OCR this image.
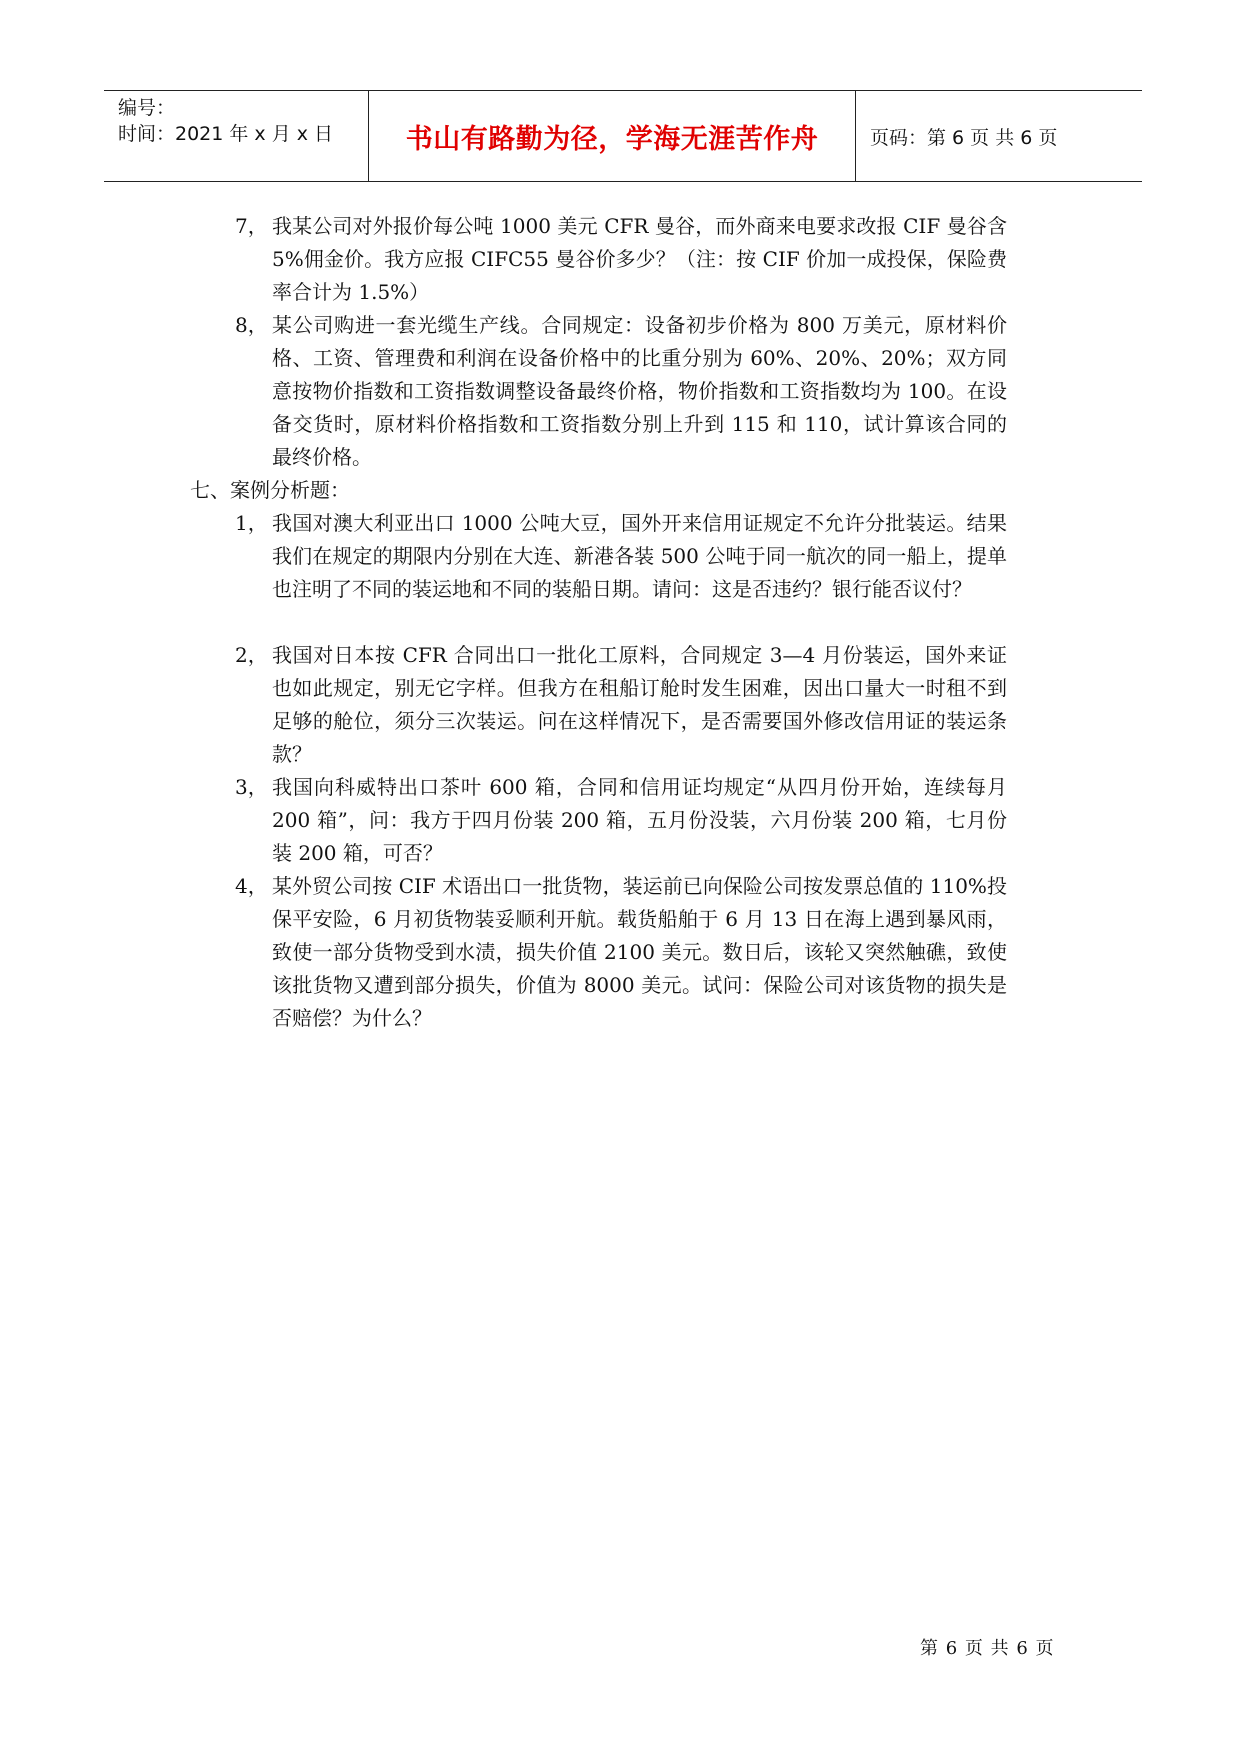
编号：
时间：2021 年 x 月 x 日	书山有路勤为径，学海无涯苦作舟	页码：第 6 页 共 6 页
7， 我某公司对外报价每公吨 1000 美元 CFR 曼谷，而外商来电要求改报 CIF 曼谷含 5%佣金价。我方应报 CIFC55 曼谷价多少？（注：按 CIF 价加一成投保，保险费率合计为 1.5%）
8， 某公司购进一套光缆生产线。合同规定：设备初步价格为 800 万美元，原材料价格、工资、管理费和利润在设备价格中的比重分别为 60%、20%、20%；双方同意按物价指数和工资指数调整设备最终价格，物价指数和工资指数均为 100。在设备交货时，原材料价格指数和工资指数分别上升到 115 和 110，试计算该合同的最终价格。
七、案例分析题：
1， 我国对澳大利亚出口 1000 公吨大豆，国外开来信用证规定不允许分批装运。结果我们在规定的期限内分别在大连、新港各装 500 公吨于同一航次的同一船上，提单也注明了不同的装运地和不同的装船日期。请问：这是否违约？银行能否议付？
2， 我国对日本按 CFR 合同出口一批化工原料，合同规定 3—4 月份装运，国外来证也如此规定，别无它字样。但我方在租船订舱时发生困难，因出口量大一时租不到足够的舱位，须分三次装运。问在这样情况下，是否需要国外修改信用证的装运条款？
3， 我国向科威特出口茶叶 600 箱，合同和信用证均规定“从四月份开始，连续每月 200 箱”，问：我方于四月份装 200 箱，五月份没装，六月份装 200 箱，七月份装 200 箱，可否？
4， 某外贸公司按 CIF 术语出口一批货物，装运前已向保险公司按发票总值的 110%投保平安险，6 月初货物装妥顺利开航。载货船舶于 6 月 13 日在海上遇到暴风雨，致使一部分货物受到水渍，损失价值 2100 美元。数日后，该轮又突然触礁，致使该批货物又遭到部分损失，价值为 8000 美元。试问：保险公司对该货物的损失是否赔偿？为什么？
第 6 页 共 6 页
